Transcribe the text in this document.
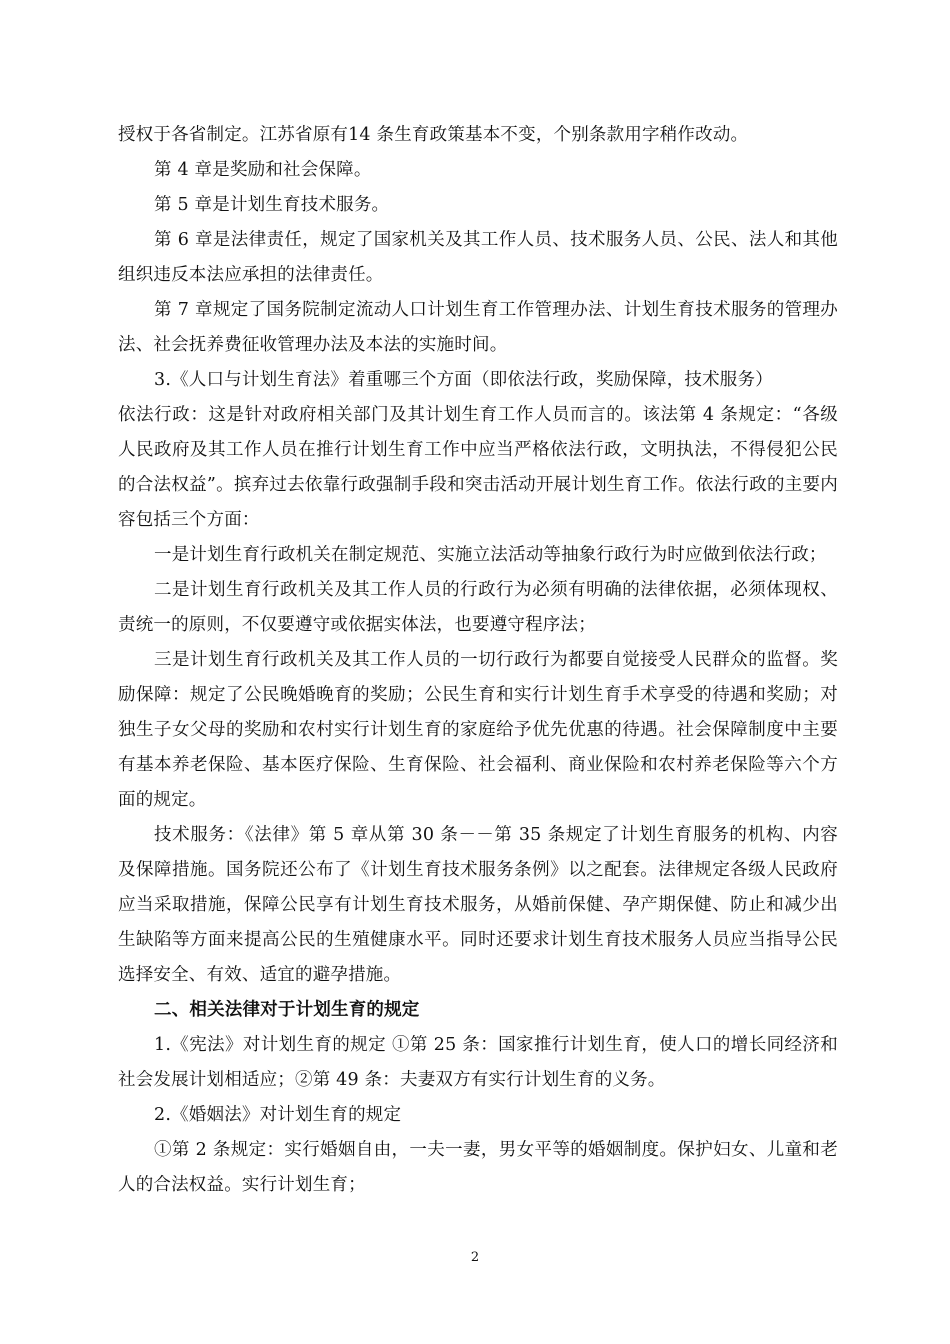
授权于各省制定。江苏省原有14 条生育政策基本不变，个别条款用字稍作改动。

第 4 章是奖励和社会保障。

第 5 章是计划生育技术服务。

第 6 章是法律责任，规定了国家机关及其工作人员、技术服务人员、公民、法人和其他组织违反本法应承担的法律责任。

第 7 章规定了国务院制定流动人口计划生育工作管理办法、计划生育技术服务的管理办法、社会抚养费征收管理办法及本法的实施时间。

3.《人口与计划生育法》着重哪三个方面（即依法行政，奖励保障，技术服务）

依法行政：这是针对政府相关部门及其计划生育工作人员而言的。该法第 4 条规定：“各级人民政府及其工作人员在推行计划生育工作中应当严格依法行政，文明执法，不得侵犯公民的合法权益”。摈弃过去依靠行政强制手段和突击活动开展计划生育工作。依法行政的主要内容包括三个方面：

一是计划生育行政机关在制定规范、实施立法活动等抽象行政行为时应做到依法行政；

二是计划生育行政机关及其工作人员的行政行为必须有明确的法律依据，必须体现权、责统一的原则，不仅要遵守或依据实体法，也要遵守程序法；

三是计划生育行政机关及其工作人员的一切行政行为都要自觉接受人民群众的监督。奖励保障：规定了公民晚婚晚育的奖励；公民生育和实行计划生育手术享受的待遇和奖励；对独生子女父母的奖励和农村实行计划生育的家庭给予优先优惠的待遇。社会保障制度中主要有基本养老保险、基本医疗保险、生育保险、社会福利、商业保险和农村养老保险等六个方面的规定。

技术服务：《法律》第 5 章从第 30 条－－第 35 条规定了计划生育服务的机构、内容及保障措施。国务院还公布了《计划生育技术服务条例》以之配套。法律规定各级人民政府应当采取措施，保障公民享有计划生育技术服务，从婚前保健、孕产期保健、防止和减少出生缺陷等方面来提高公民的生殖健康水平。同时还要求计划生育技术服务人员应当指导公民选择安全、有效、适宜的避孕措施。

二、相关法律对于计划生育的规定

1.《宪法》对计划生育的规定 ①第 25 条：国家推行计划生育，使人口的增长同经济和社会发展计划相适应；②第 49 条：夫妻双方有实行计划生育的义务。

2.《婚姻法》对计划生育的规定

①第 2 条规定：实行婚姻自由，一夫一妻，男女平等的婚姻制度。保护妇女、儿童和老人的合法权益。实行计划生育；

2
